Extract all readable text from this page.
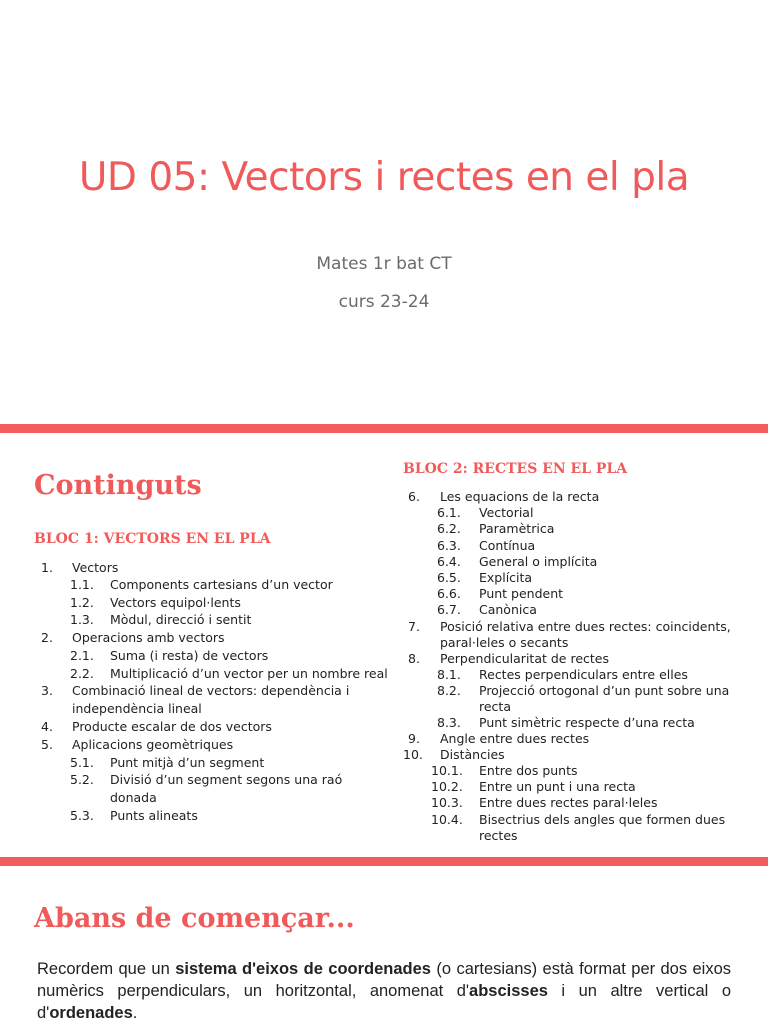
UD 05: Vectors i rectes en el pla
Mates 1r bat CT
curs 23-24
Continguts
BLOC 1: VECTORS EN EL PLA
BLOC 2: RECTES EN EL PLA
1. Vectors
1.1. Components cartesians d’un vector
1.2. Vectors equipol·lents
1.3. Mòdul, direcció i sentit
2. Operacions amb vectors
2.1. Suma (i resta) de vectors
2.2. Multiplicació d’un vector per un nombre real
3. Combinació lineal de vectors: dependència i
independència lineal
4. Producte escalar de dos vectors
5. Aplicacions geomètriques
5.1. Punt mitjà d’un segment
5.2. Divisió d’un segment segons una raó
donada
5.3. Punts alineats
6. Les equacions de la recta
6.1. Vectorial
6.2. Paramètrica
6.3. Contínua
6.4. General o implícita
6.5. Explícita
6.6. Punt pendent
6.7. Canònica
7. Posició relativa entre dues rectes: coincidents,
paral·leles o secants
8. Perpendicularitat de rectes
8.1. Rectes perpendiculars entre elles
8.2. Projecció ortogonal d’un punt sobre una
recta
8.3. Punt simètric respecte d’una recta
9. Angle entre dues rectes
10. Distàncies
10.1. Entre dos punts
10.2. Entre un punt i una recta
10.3. Entre dues rectes paral·leles
10.4. Bisectrius dels angles que formen dues
rectes
Abans de començar...
Recordem que un sistema d'eixos de coordenades (o cartesians) està format per dos eixos numèrics perpendiculars, un horitzontal, anomenat d'abscisses i un altre vertical o d'ordenades.
